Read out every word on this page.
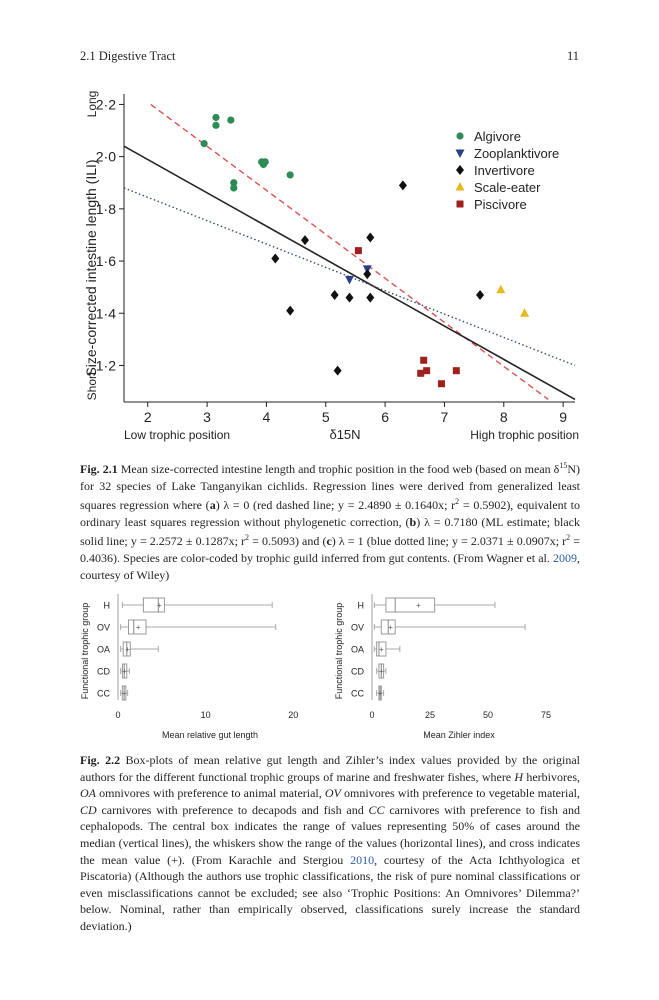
2.1 Digestive Tract	11
2	3	4	5	6	7	8	9
1·2
1·4
1·6
1·8
2·0
2·2
Algivore
Zooplanktivore
Invertivore
Scale-eater
Piscivore
Size-corrected intestine length (ILI)
Short
Long
δ15N
Low trophic position	High trophic position
Fig. 2.1 Mean size-corrected intestine length and trophic position in the food web (based on mean $\delta^{15}N$) for 32 species of Lake Tanganyikan cichlids. Regression lines were derived from generalized least squares regression where (a) λ = 0 (red dashed line; y = 2.4890 ± 0.1640x; $r^2 = 0.5902$), equivalent to ordinary least squares regression without phylogenetic correction, (b) λ = 0.7180 (ML estimate; black solid line; y = 2.2572 ± 0.1287x; $r^2 = 0.5093$) and (c) λ = 1 (blue dotted line; y = 2.0371 ± 0.0907x; $r^2 = 0.4036$). Species are color-coded by trophic guild inferred from gut contents. (From Wagner et al. 2009, courtesy of Wiley)
Functional trophic group H
OV
OA
CD
CC
0	10	20
Mean relative gut length
+
+
+
+
+	Functional trophic group H
OV
OA
CD
CC
0	25	50	75
Mean Zihler index
+
+
+
+
+
Fig. 2.2 Box-plots of mean relative gut length and Zihler’s index values provided by the original authors for the different functional trophic groups of marine and freshwater fishes, where H herbivores, OA omnivores with preference to animal material, OV omnivores with preference to vegetable material, CD carnivores with preference to decapods and fish and CC carnivores with preference to fish and cephalopods. The central box indicates the range of values representing 50% of cases around the median (vertical lines), the whiskers show the range of the values (horizontal lines), and cross indicates the mean value (+). (From Karachle and Stergiou 2010, courtesy of the Acta Ichthyologica et Piscatoria) (Although the authors use trophic classifications, the risk of pure nominal classifications or even misclassifications cannot be excluded; see also ‘Trophic Positions: An Omnivores’ Dilemma?’ below. Nominal, rather than empirically observed, classifications surely increase the standard deviation.)
